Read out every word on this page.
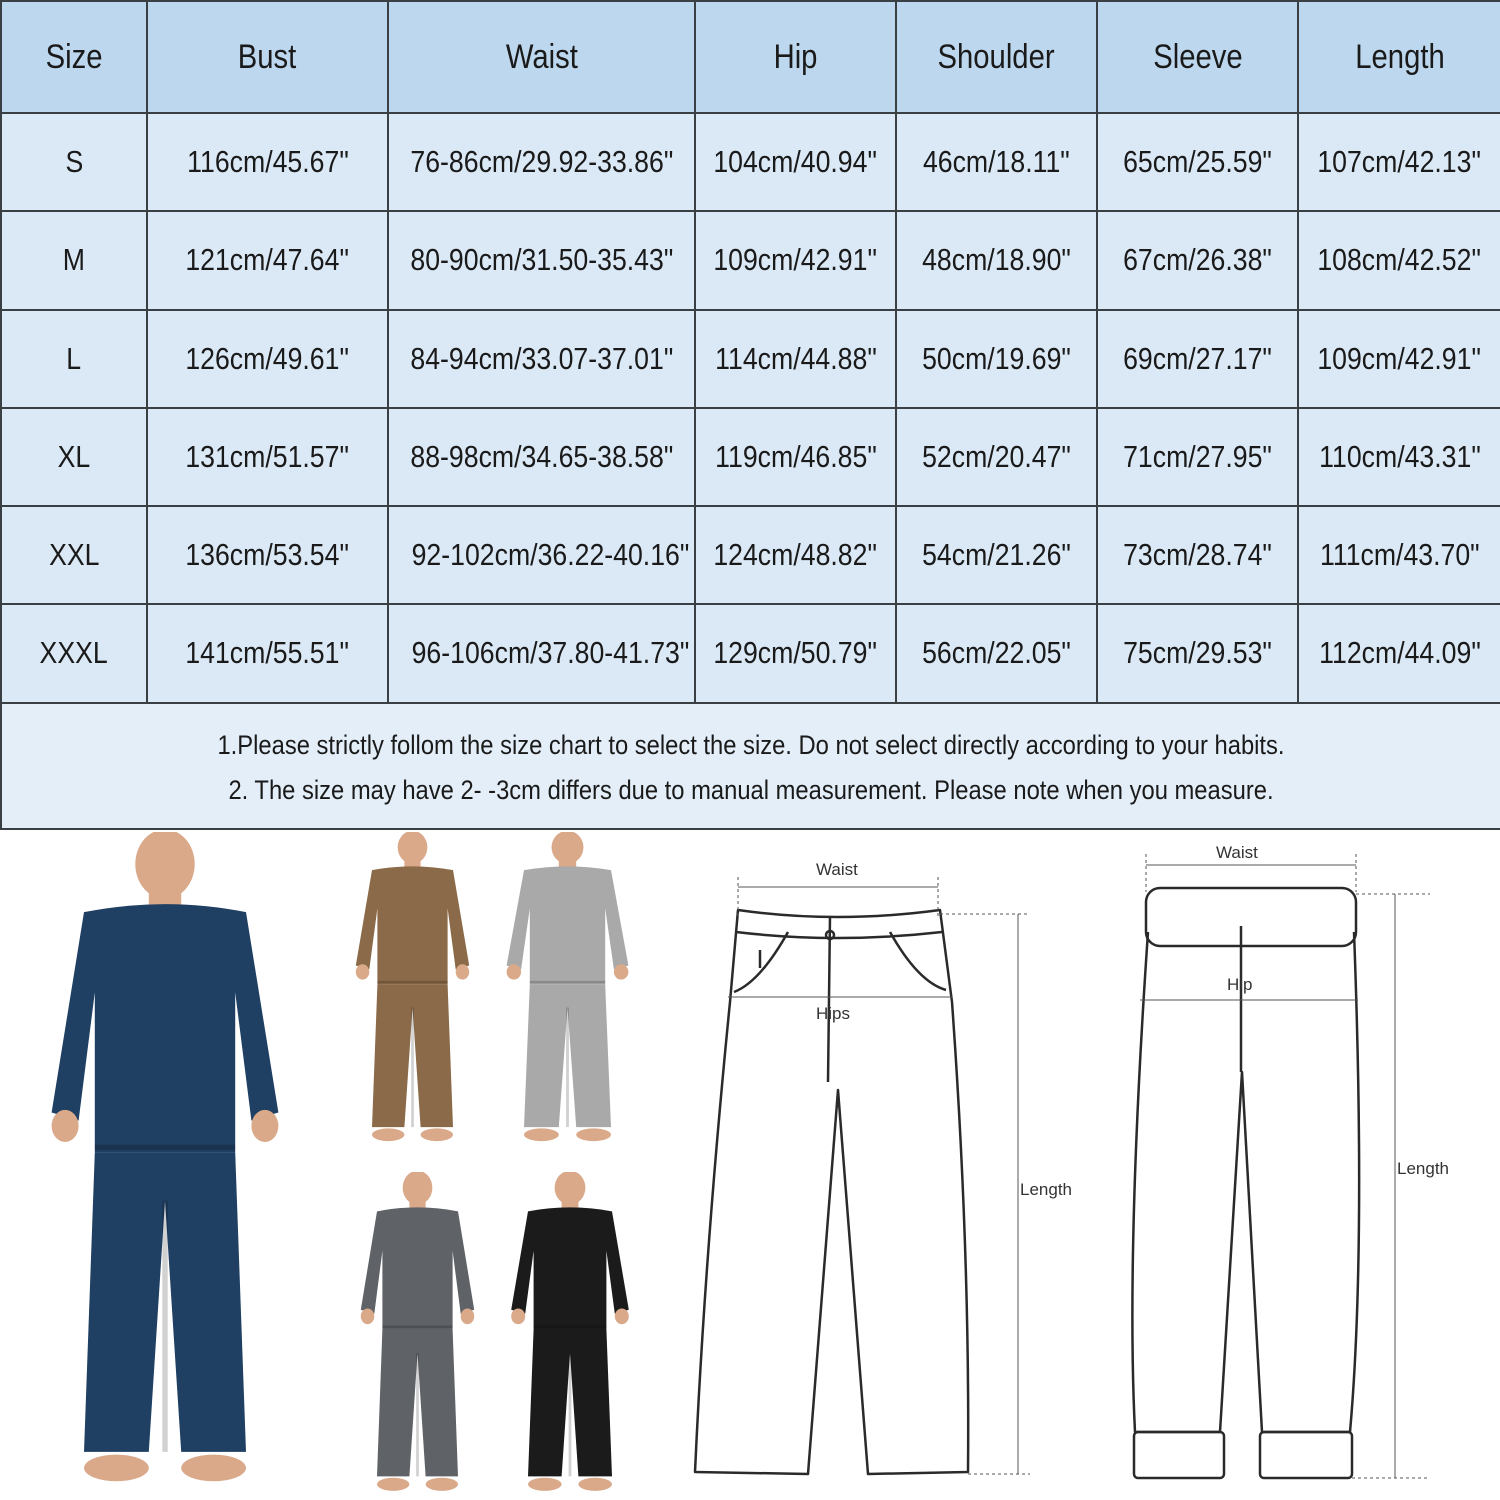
Size	Bust	Waist	Hip	Shoulder	Sleeve	Length
S	116cm/45.67"	76-86cm/29.92-33.86"	104cm/40.94"	46cm/18.11"	65cm/25.59"	107cm/42.13"
M	121cm/47.64"	80-90cm/31.50-35.43"	109cm/42.91"	48cm/18.90"	67cm/26.38"	108cm/42.52"
L	126cm/49.61"	84-94cm/33.07-37.01"	114cm/44.88"	50cm/19.69"	69cm/27.17"	109cm/42.91"
XL	131cm/51.57"	88-98cm/34.65-38.58"	119cm/46.85"	52cm/20.47"	71cm/27.95"	110cm/43.31"
XXL	136cm/53.54"	92-102cm/36.22-40.16"	124cm/48.82"	54cm/21.26"	73cm/28.74"	111cm/43.70"
XXXL	141cm/55.51"	96-106cm/37.80-41.73"	129cm/50.79"	56cm/22.05"	75cm/29.53"	112cm/44.09"

1.Please strictly follom the size chart to select the size. Do not select directly according to your habits.
2. The size may have 2- -3cm differs due to manual measurement. Please note when you measure.						
Waist
Hips
Length
Waist
Hip
Length
